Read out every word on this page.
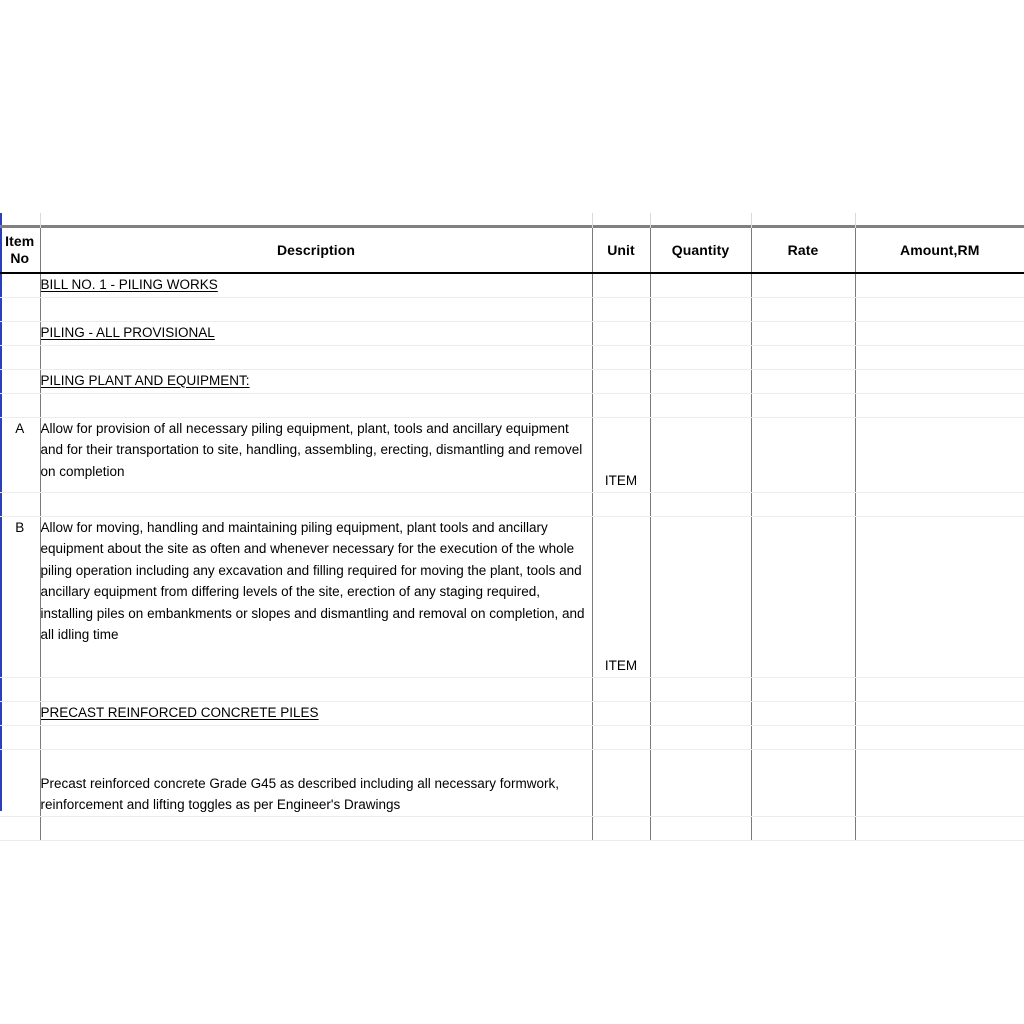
Item
No	Description	Unit	Quantity	Rate	Amount,RM
	BILL NO. 1 - PILING WORKS				

	PILING - ALL PROVISIONAL				

	PILING PLANT AND EQUIPMENT:				

A	Allow for provision of all necessary piling equipment, plant, tools and ancillary equipment and for their transportation to site, handling, assembling, erecting, dismantling and removel on completion	ITEM			

B	Allow for moving, handling and maintaining piling equipment, plant tools and ancillary equipment about the site as often and whenever necessary for the execution of the whole piling operation including any excavation and filling required for moving the plant, tools and ancillary equipment from differing levels of the site, erection of any staging required, installing piles on embankments or slopes and dismantling and removal on completion, and all idling time	ITEM			

	PRECAST REINFORCED CONCRETE PILES				

	Precast reinforced concrete Grade G45 as described including all necessary formwork, reinforcement and lifting toggles as per Engineer's Drawings				
